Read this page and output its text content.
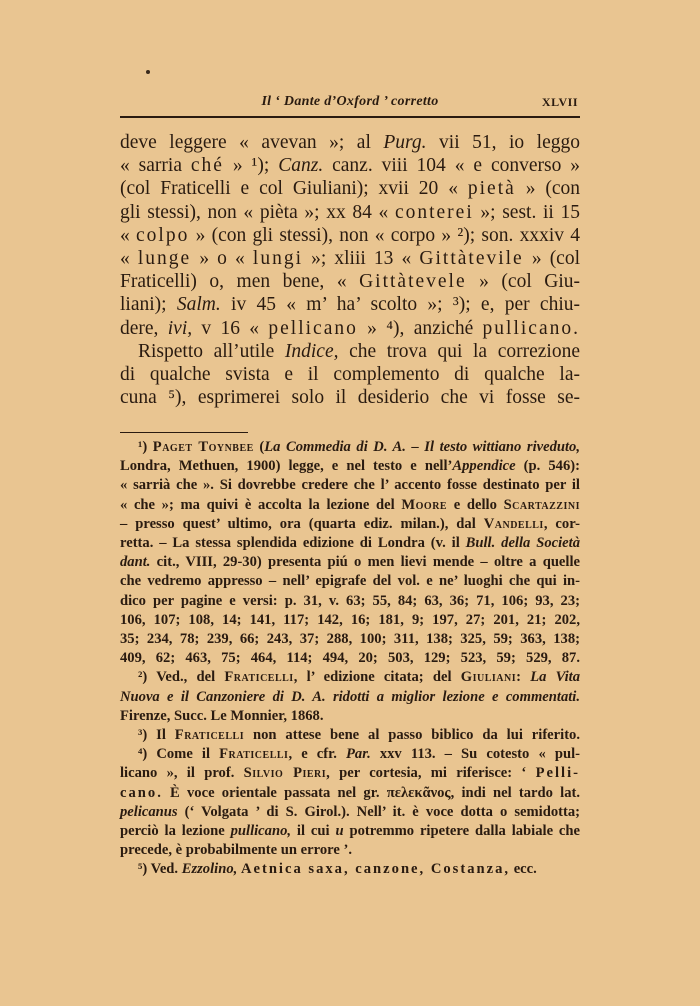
Il ‘ Dante d’Oxford ’ corretto	XLVII
deve leggere « avevan »; al Purg. vii 51, io leggo
« sarria ché » ¹); Canz. canz. viii 104 « e converso »
(col Fraticelli e col Giuliani); xvii 20 « pietà » (con
gli stessi), non « pièta »; xx 84 « conterei »; sest. ii 15
« colpo » (con gli stessi), non « corpo » ²); son. xxxiv 4
« lunge » o « lungi »; xliii 13 « Gittàtevile » (col
Fraticelli) o, men bene, « Gittàtevele » (col Giu-
liani); Salm. iv 45 « m’ ha’ scolto »; ³); e, per chiu-
dere, ivi, v 16 « pellicano » ⁴), anziché pullicano.
Rispetto all’utile Indice, che trova qui la correzione
di qualche svista e il complemento di qualche la-
cuna ⁵), esprimerei solo il desiderio che vi fosse se-
¹) Paget Toynbee (La Commedia di D. A. – Il testo wittiano riveduto,
Londra, Methuen, 1900) legge, e nel testo e nell’Appendice (p. 546):
« sarrià che ». Si dovrebbe credere che l’ accento fosse destinato per il
« che »; ma quivi è accolta la lezione del Moore e dello Scartazzini
– presso quest’ ultimo, ora (quarta ediz. milan.), dal Vandelli, cor-
retta. – La stessa splendida edizione di Londra (v. il Bull. della Società
dant. cit., VIII, 29-30) presenta piú o men lievi mende – oltre a quelle
che vedremo appresso – nell’ epigrafe del vol. e ne’ luoghi che qui in-
dico per pagine e versi: p. 31, v. 63; 55, 84; 63, 36; 71, 106; 93, 23;
106, 107; 108, 14; 141, 117; 142, 16; 181, 9; 197, 27; 201, 21; 202,
35; 234, 78; 239, 66; 243, 37; 288, 100; 311, 138; 325, 59; 363, 138;
409, 62; 463, 75; 464, 114; 494, 20; 503, 129; 523, 59; 529, 87.
²) Ved., del Fraticelli, l’ edizione citata; del Giuliani: La Vita
Nuova e il Canzoniere di D. A. ridotti a miglior lezione e commentati.
Firenze, Succ. Le Monnier, 1868.
³) Il Fraticelli non attese bene al passo biblico da lui riferito.
⁴) Come il Fraticelli, e cfr. Par. xxv 113. – Su cotesto « pul-
licano », il prof. Silvio Pieri, per cortesia, mi riferisce: ‘ Pelli-
cano. È voce orientale passata nel gr. πελεκᾶνος, indi nel tardo lat.
pelicanus (‘ Volgata ’ di S. Girol.). Nell’ it. è voce dotta o semidotta;
perciò la lezione pullicano, il cui u potremmo ripetere dalla labiale che
precede, è probabilmente un errore ’.
⁵) Ved. Ezzolino, Aetnica saxa, canzone, Costanza, ecc.
